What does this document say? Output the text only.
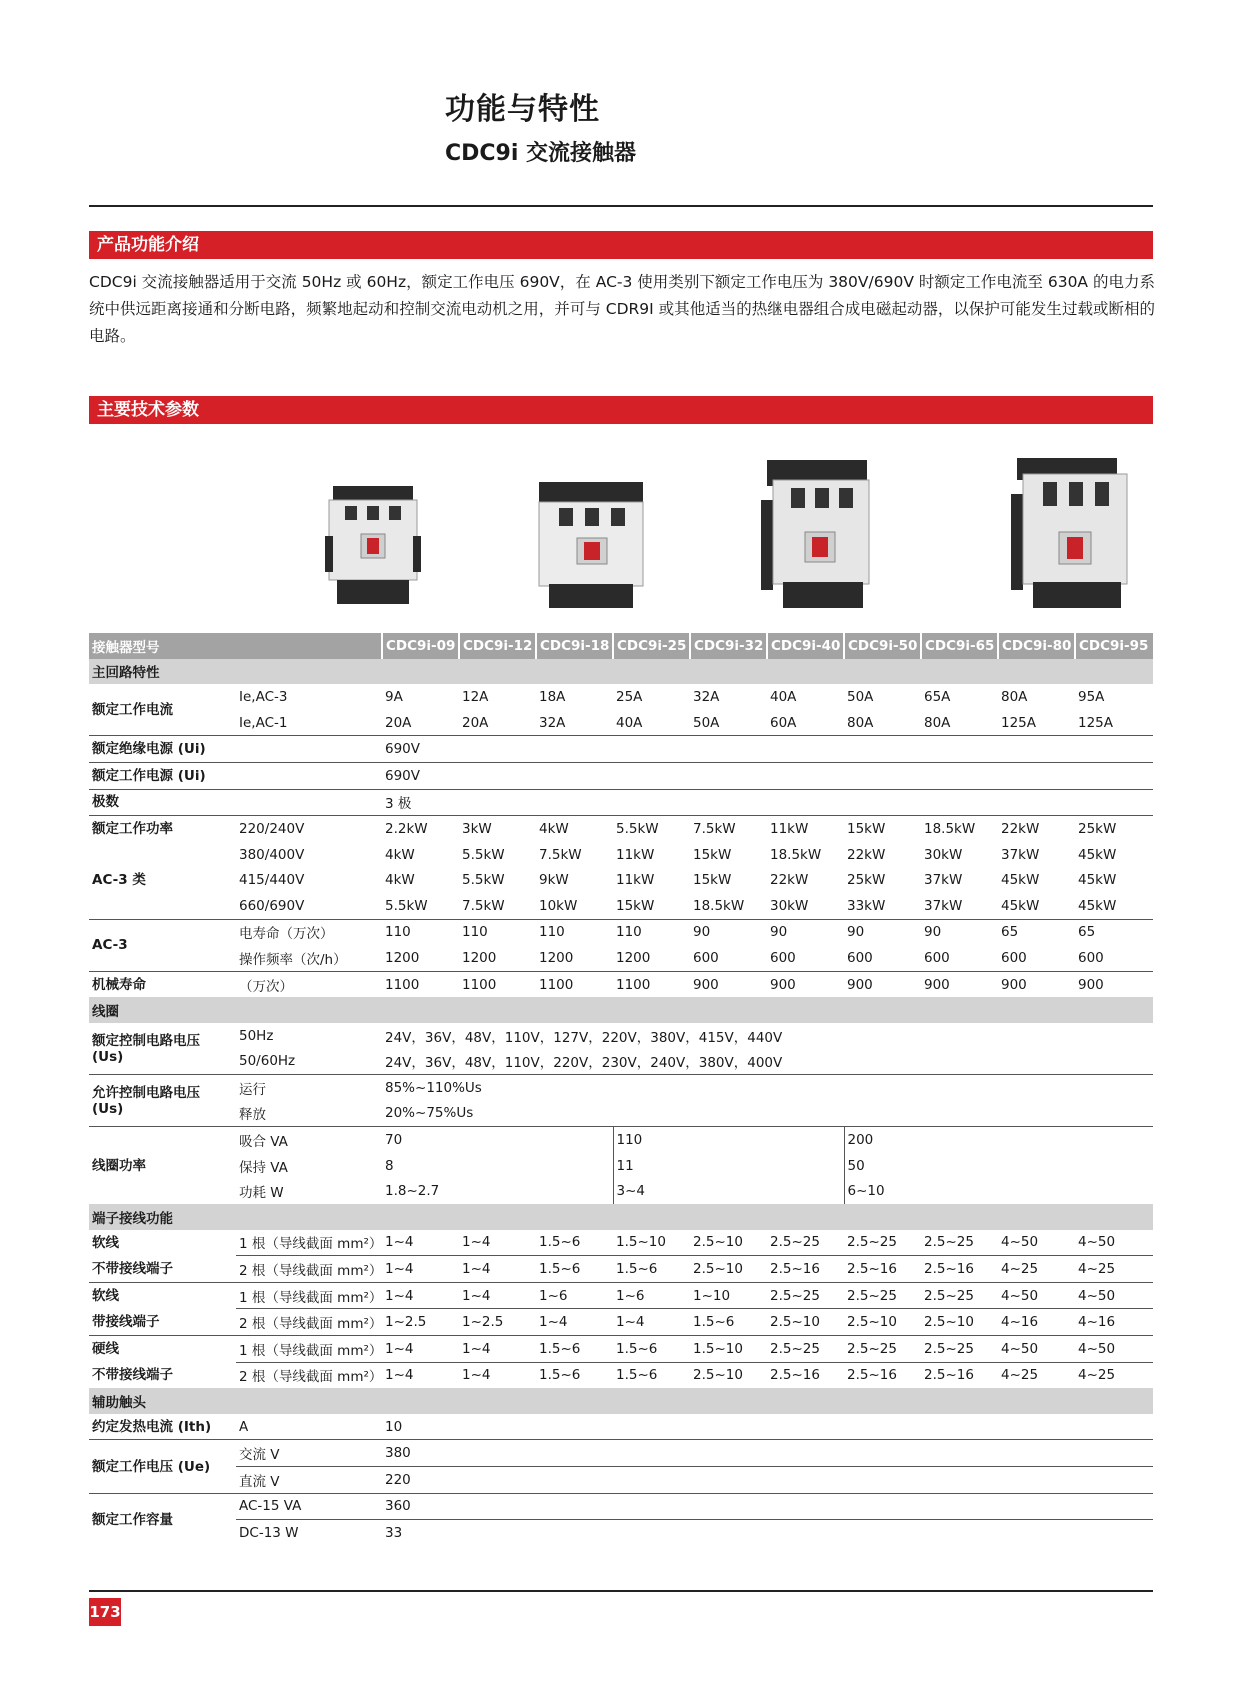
功能与特性
CDC9i 交流接触器
产品功能介绍
CDC9i 交流接触器适用于交流 50Hz 或 60Hz，额定工作电压 690V，在 AC-3 使用类别下额定工作电压为 380V/690V 时额定工作电流至 630A 的电力系统中供远距离接通和分断电路，频繁地起动和控制交流电动机之用，并可与 CDR9I 或其他适当的热继电器组合成电磁起动器，以保护可能发生过载或断相的电路。
主要技术参数
接触器型号		CDC9i-09	CDC9i-12	CDC9i-18	CDC9i-25	CDC9i-32	CDC9i-40	CDC9i-50	CDC9i-65	CDC9i-80	CDC9i-95
主回路特性											
额定工作电流	Ie,AC-3	9A	12A	18A	25A	32A	40A	50A	65A	80A	95A
	Ie,AC-1	20A	20A	32A	40A	50A	60A	80A	80A	125A	125A
额定绝缘电源 (Ui)		690V									
额定工作电源 (Ui)		690V									
极数		3 极									
额定工作功率	220/240V	2.2kW	3kW	4kW	5.5kW	7.5kW	11kW	15kW	18.5kW	22kW	25kW
AC-3 类	380/400V	4kW	5.5kW	7.5kW	11kW	15kW	18.5kW	22kW	30kW	37kW	45kW
	415/440V	4kW	5.5kW	9kW	11kW	15kW	22kW	25kW	37kW	45kW	45kW
	660/690V	5.5kW	7.5kW	10kW	15kW	18.5kW	30kW	33kW	37kW	45kW	45kW
AC-3	电寿命（万次）	110	110	110	110	90	90	90	90	65	65
	操作频率（次/h）	1200	1200	1200	1200	600	600	600	600	600	600
机械寿命	（万次）	1100	1100	1100	1100	900	900	900	900	900	900
线圈											
额定控制电路电压 (Us)	50Hz	24V，36V，48V，110V，127V，220V，380V，415V，440V									
	50/60Hz	24V，36V，48V，110V，220V，230V，240V，380V，400V									
允许控制电路电压 (Us)	运行	85%~110%Us									
	释放	20%~75%Us									
线圈功率	吸合 VA	70			110			200			
	保持 VA	8			11			50			
	功耗 W	1.8~2.7			3~4			6~10			
端子接线功能											
软线	1 根（导线截面 mm²）	1~4	1~4	1.5~6	1.5~10	2.5~10	2.5~25	2.5~25	2.5~25	4~50	4~50
不带接线端子	2 根（导线截面 mm²）	1~4	1~4	1.5~6	1.5~6	2.5~10	2.5~16	2.5~16	2.5~16	4~25	4~25
软线	1 根（导线截面 mm²）	1~4	1~4	1~6	1~6	1~10	2.5~25	2.5~25	2.5~25	4~50	4~50
带接线端子	2 根（导线截面 mm²）	1~2.5	1~2.5	1~4	1~4	1.5~6	2.5~10	2.5~10	2.5~10	4~16	4~16
硬线	1 根（导线截面 mm²）	1~4	1~4	1.5~6	1.5~6	1.5~10	2.5~25	2.5~25	2.5~25	4~50	4~50
不带接线端子	2 根（导线截面 mm²）	1~4	1~4	1.5~6	1.5~6	2.5~10	2.5~16	2.5~16	2.5~16	4~25	4~25
辅助触头											
约定发热电流 (Ith)	A	10									
额定工作电压 (Ue)	交流 V	380									
	直流 V	220									
额定工作容量	AC-15 VA	360									
	DC-13 W	33									
173
